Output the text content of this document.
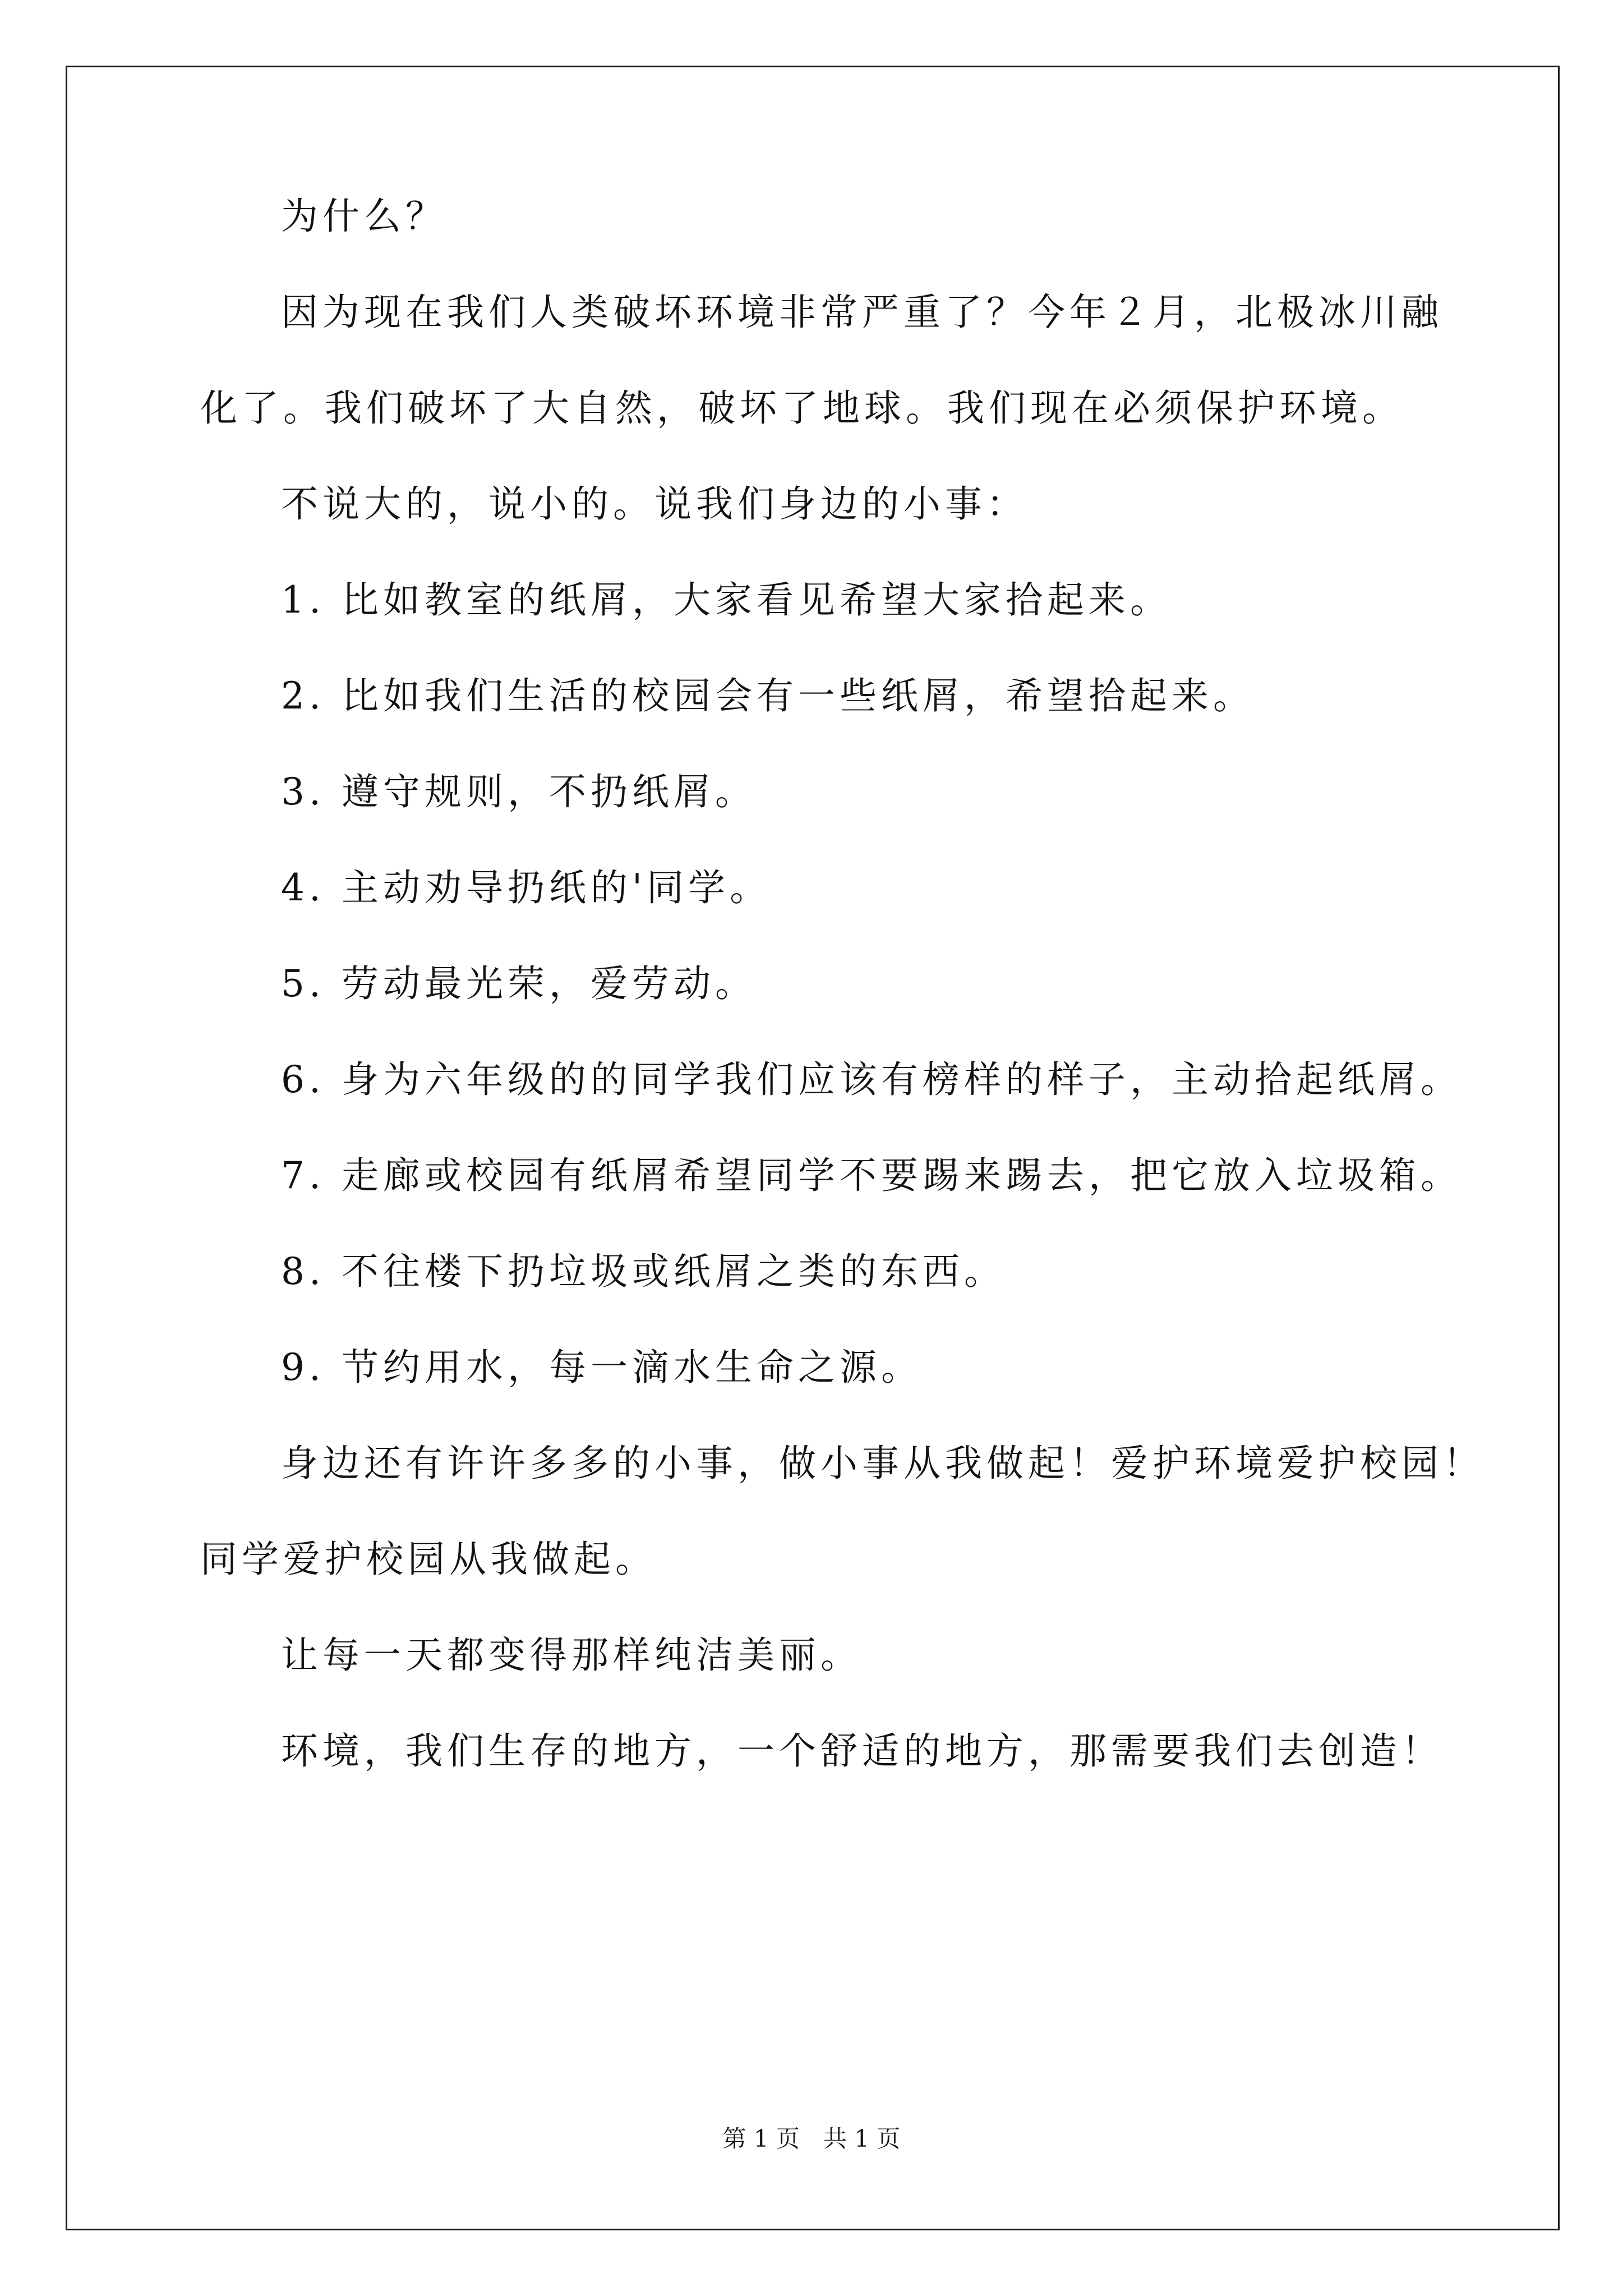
为什么？

因为现在我们人类破坏环境非常严重了？今年２月，北极冰川融

化了。我们破坏了大自然，破坏了地球。我们现在必须保护环境。

不说大的，说小的。说我们身边的小事：

1. 比如教室的纸屑，大家看见希望大家拾起来。

2. 比如我们生活的校园会有一些纸屑，希望拾起来。

3. 遵守规则，不扔纸屑。

4. 主动劝导扔纸的'同学。

5. 劳动最光荣，爱劳动。

6. 身为六年级的的同学我们应该有榜样的样子，主动拾起纸屑。

7. 走廊或校园有纸屑希望同学不要踢来踢去，把它放入垃圾箱。

8. 不往楼下扔垃圾或纸屑之类的东西。

9. 节约用水，每一滴水生命之源。

身边还有许许多多的小事，做小事从我做起！爱护环境爱护校园！

同学爱护校园从我做起。

让每一天都变得那样纯洁美丽。

环境，我们生存的地方，一个舒适的地方，那需要我们去创造！

第 1 页　共 1 页
